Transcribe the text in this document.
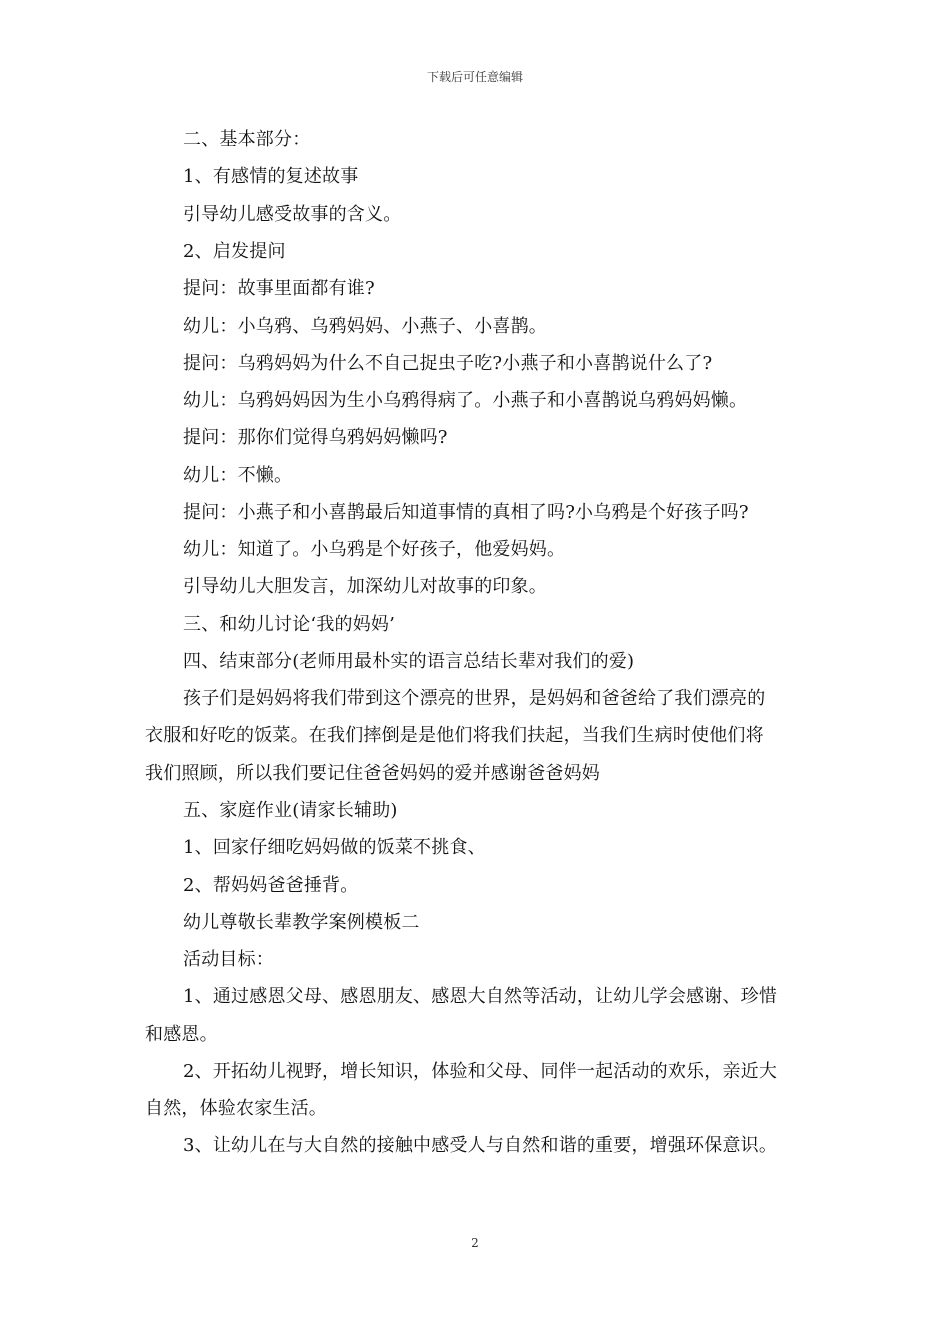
下载后可任意编辑
二、基本部分：
1、有感情的复述故事
引导幼儿感受故事的含义。
2、启发提问
提问：故事里面都有谁?
幼儿：小乌鸦、乌鸦妈妈、小燕子、小喜鹊。
提问：乌鸦妈妈为什么不自己捉虫子吃?小燕子和小喜鹊说什么了?
幼儿：乌鸦妈妈因为生小乌鸦得病了。小燕子和小喜鹊说乌鸦妈妈懒。
提问：那你们觉得乌鸦妈妈懒吗?
幼儿：不懒。
提问：小燕子和小喜鹊最后知道事情的真相了吗?小乌鸦是个好孩子吗?
幼儿：知道了。小乌鸦是个好孩子，他爱妈妈。
引导幼儿大胆发言，加深幼儿对故事的印象。
三、和幼儿讨论‘我的妈妈’
四、结束部分(老师用最朴实的语言总结长辈对我们的爱)
孩子们是妈妈将我们带到这个漂亮的世界，是妈妈和爸爸给了我们漂亮的
衣服和好吃的饭菜。在我们摔倒是是他们将我们扶起，当我们生病时使他们将
我们照顾，所以我们要记住爸爸妈妈的爱并感谢爸爸妈妈
五、家庭作业(请家长辅助)
1、回家仔细吃妈妈做的饭菜不挑食、
2、帮妈妈爸爸捶背。
幼儿尊敬长辈教学案例模板二
活动目标：
1、通过感恩父母、感恩朋友、感恩大自然等活动，让幼儿学会感谢、珍惜
和感恩。
2、开拓幼儿视野，增长知识，体验和父母、同伴一起活动的欢乐，亲近大
自然，体验农家生活。
3、让幼儿在与大自然的接触中感受人与自然和谐的重要，增强环保意识。
2
